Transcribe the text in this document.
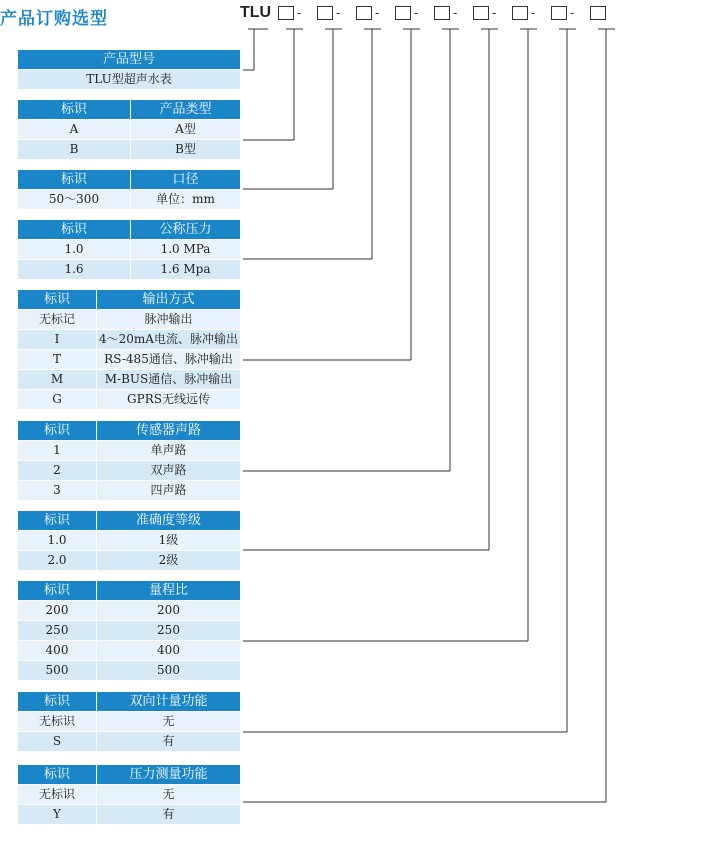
产品订购选型	TLU -	-	-	-	-	-	-	-
产品型号
TLU型超声水表
标识	产品类型
A	A型
B	B型
标识	口径
50～300	单位：mm
标识	公称压力
1.0	1.0 MPa
1.6	1.6 Mpa
标识	输出方式
无标记	脉冲输出
I	4～20mA电流、脉冲输出
T	RS-485通信、脉冲输出
M	M-BUS通信、脉冲输出
G	GPRS无线远传
标识	传感器声路
1	单声路
2	双声路
3	四声路
标识	准确度等级
1.0	1级
2.0	2级
标识	量程比
200	200
250	250
400	400
500	500
标识	双向计量功能
无标识	无
S	有
标识	压力测量功能
无标识	无
Y	有
